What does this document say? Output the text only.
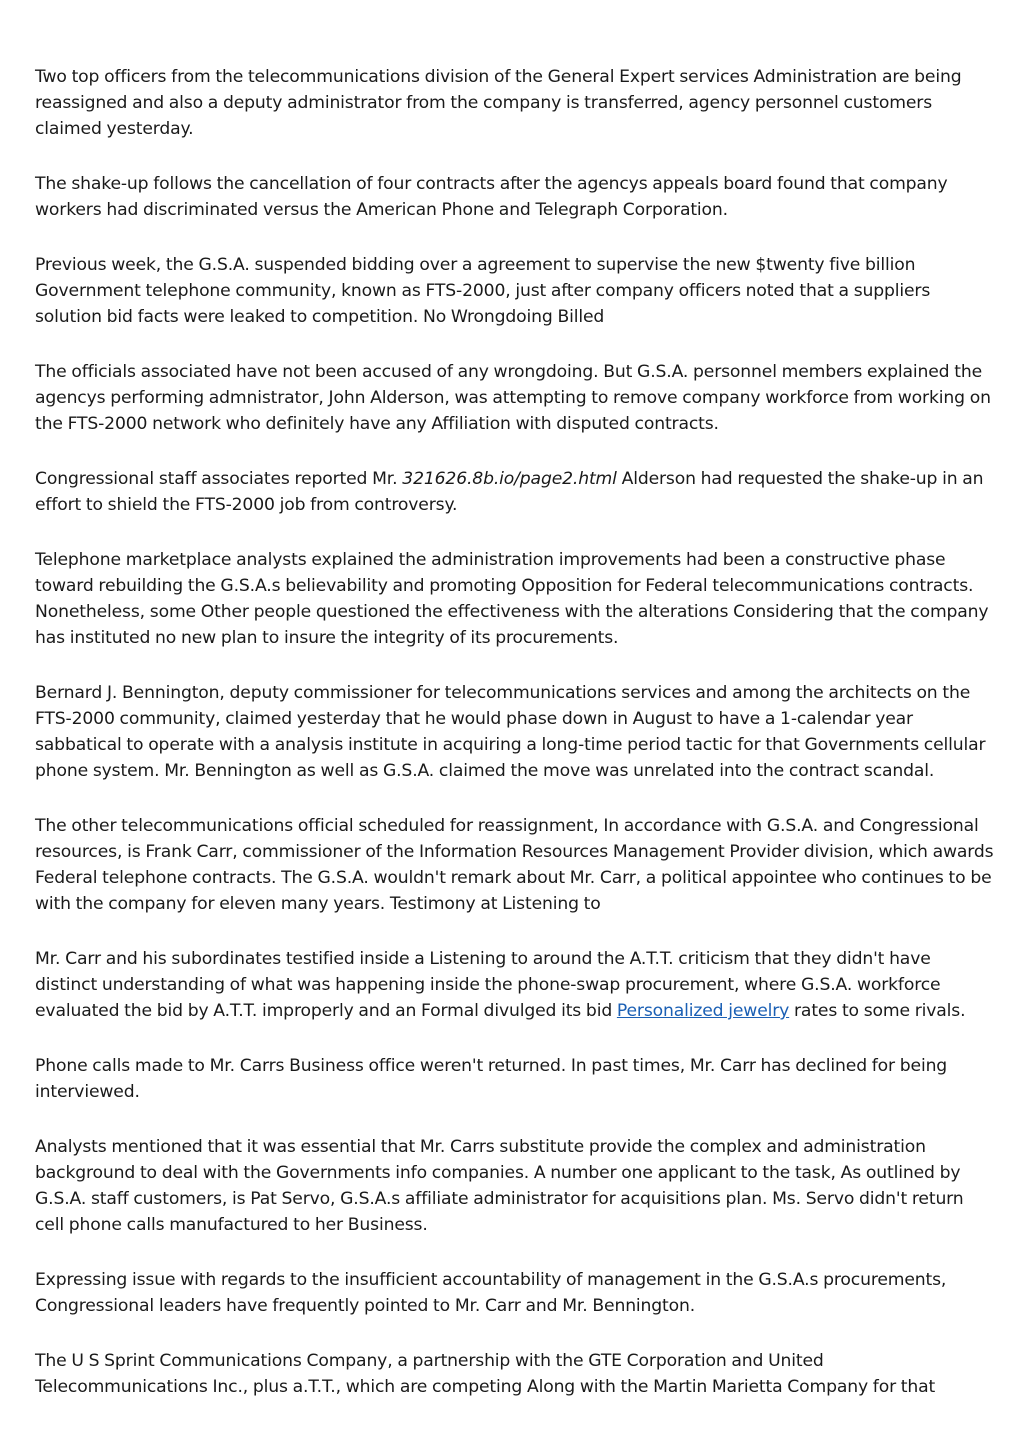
Two top officers from the telecommunications division of the General Expert services Administration are being reassigned and also a deputy administrator from the company is transferred, agency personnel customers claimed yesterday.

The shake-up follows the cancellation of four contracts after the agencys appeals board found that company workers had discriminated versus the American Phone and Telegraph Corporation.

Previous week, the G.S.A. suspended bidding over a agreement to supervise the new $twenty five billion Government telephone community, known as FTS-2000, just after company officers noted that a suppliers solution bid facts were leaked to competition. No Wrongdoing Billed

The officials associated have not been accused of any wrongdoing. But G.S.A. personnel members explained the agencys performing admnistrator, John Alderson, was attempting to remove company workforce from working on the FTS-2000 network who definitely have any Affiliation with disputed contracts.

Congressional staff associates reported Mr. 321626.8b.io/page2.html Alderson had requested the shake-up in an effort to shield the FTS-2000 job from controversy.

Telephone marketplace analysts explained the administration improvements had been a constructive phase toward rebuilding the G.S.A.s believability and promoting Opposition for Federal telecommunications contracts. Nonetheless, some Other people questioned the effectiveness with the alterations Considering that the company has instituted no new plan to insure the integrity of its procurements.

Bernard J. Bennington, deputy commissioner for telecommunications services and among the architects on the FTS-2000 community, claimed yesterday that he would phase down in August to have a 1-calendar year sabbatical to operate with a analysis institute in acquiring a long-time period tactic for that Governments cellular phone system. Mr. Bennington as well as G.S.A. claimed the move was unrelated into the contract scandal.

The other telecommunications official scheduled for reassignment, In accordance with G.S.A. and Congressional resources, is Frank Carr, commissioner of the Information Resources Management Provider division, which awards Federal telephone contracts. The G.S.A. wouldn't remark about Mr. Carr, a political appointee who continues to be with the company for eleven many years. Testimony at Listening to

Mr. Carr and his subordinates testified inside a Listening to around the A.T.T. criticism that they didn't have distinct understanding of what was happening inside the phone-swap procurement, where G.S.A. workforce evaluated the bid by A.T.T. improperly and an Formal divulged its bid Personalized jewelry rates to some rivals.

Phone calls made to Mr. Carrs Business office weren't returned. In past times, Mr. Carr has declined for being interviewed.

Analysts mentioned that it was essential that Mr. Carrs substitute provide the complex and administration background to deal with the Governments info companies. A number one applicant to the task, As outlined by G.S.A. staff customers, is Pat Servo, G.S.A.s affiliate administrator for acquisitions plan. Ms. Servo didn't return cell phone calls manufactured to her Business.

Expressing issue with regards to the insufficient accountability of management in the G.S.A.s procurements, Congressional leaders have frequently pointed to Mr. Carr and Mr. Bennington.

The U S Sprint Communications Company, a partnership with the GTE Corporation and United Telecommunications Inc., plus a.T.T., which are competing Along with the Martin Marietta Company for that
